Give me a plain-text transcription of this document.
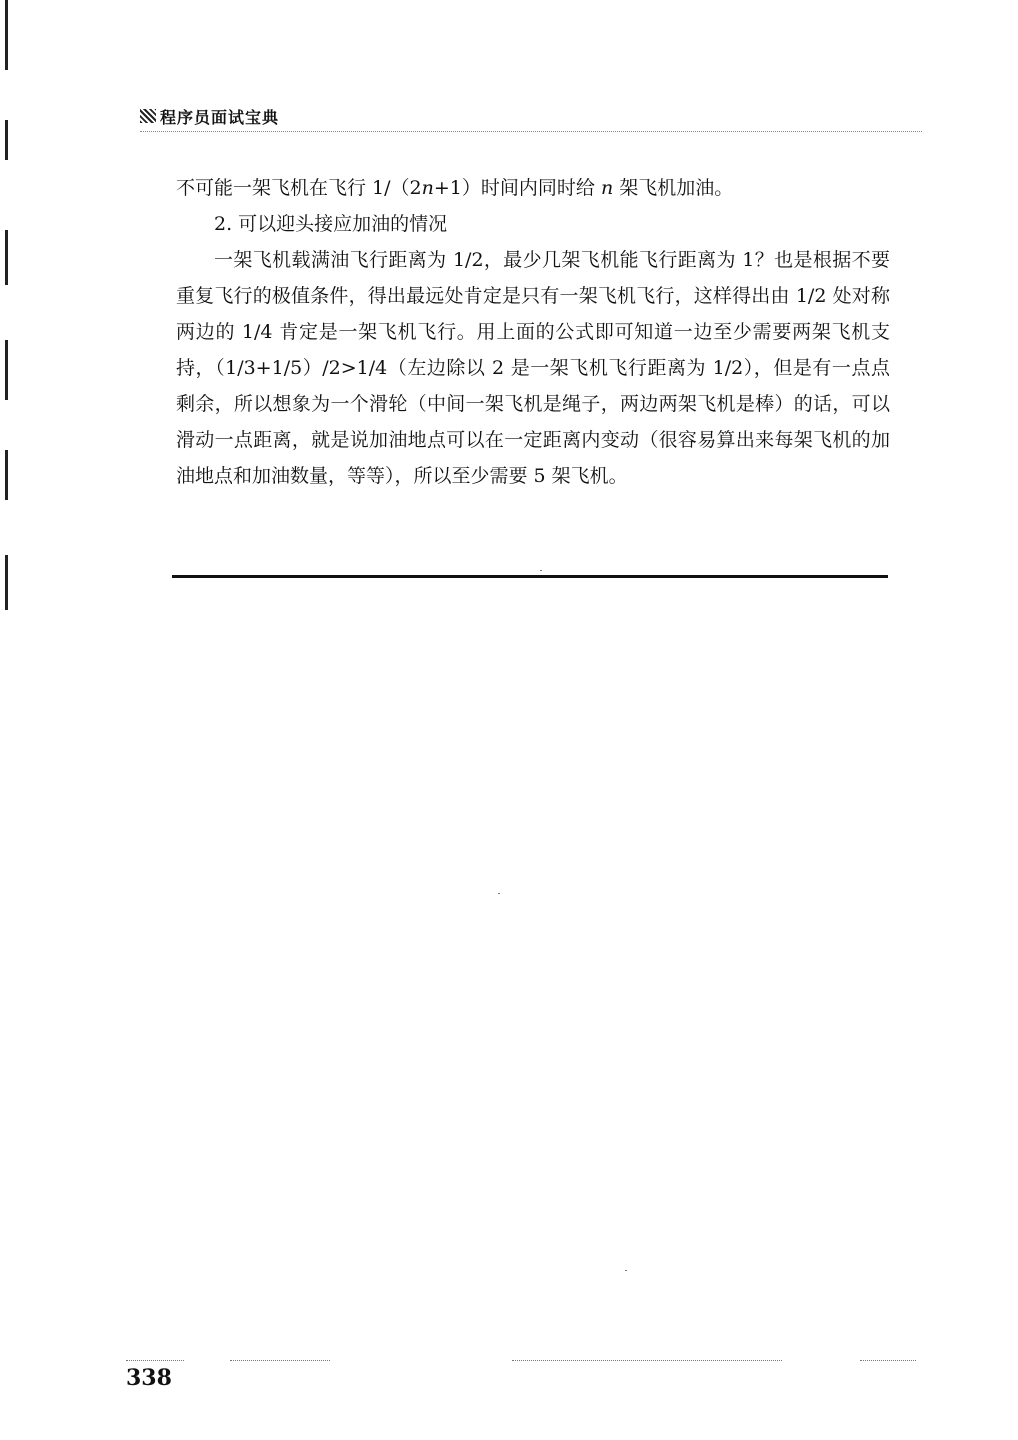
程序员面试宝典

不可能一架飞机在飞行 1/（2n+1）时间内同时给 n 架飞机加油。

2. 可以迎头接应加油的情况

一架飞机载满油飞行距离为 1/2，最少几架飞机能飞行距离为 1？也是根据不要重复飞行的极值条件，得出最远处肯定是只有一架飞机飞行，这样得出由 1/2 处对称两边的 1/4 肯定是一架飞机飞行。用上面的公式即可知道一边至少需要两架飞机支持，（1/3+1/5）/2>1/4（左边除以 2 是一架飞机飞行距离为 1/2），但是有一点点剩余，所以想象为一个滑轮（中间一架飞机是绳子，两边两架飞机是棒）的话，可以滑动一点距离，就是说加油地点可以在一定距离内变动（很容易算出来每架飞机的加油地点和加油数量，等等），所以至少需要 5 架飞机。

338
